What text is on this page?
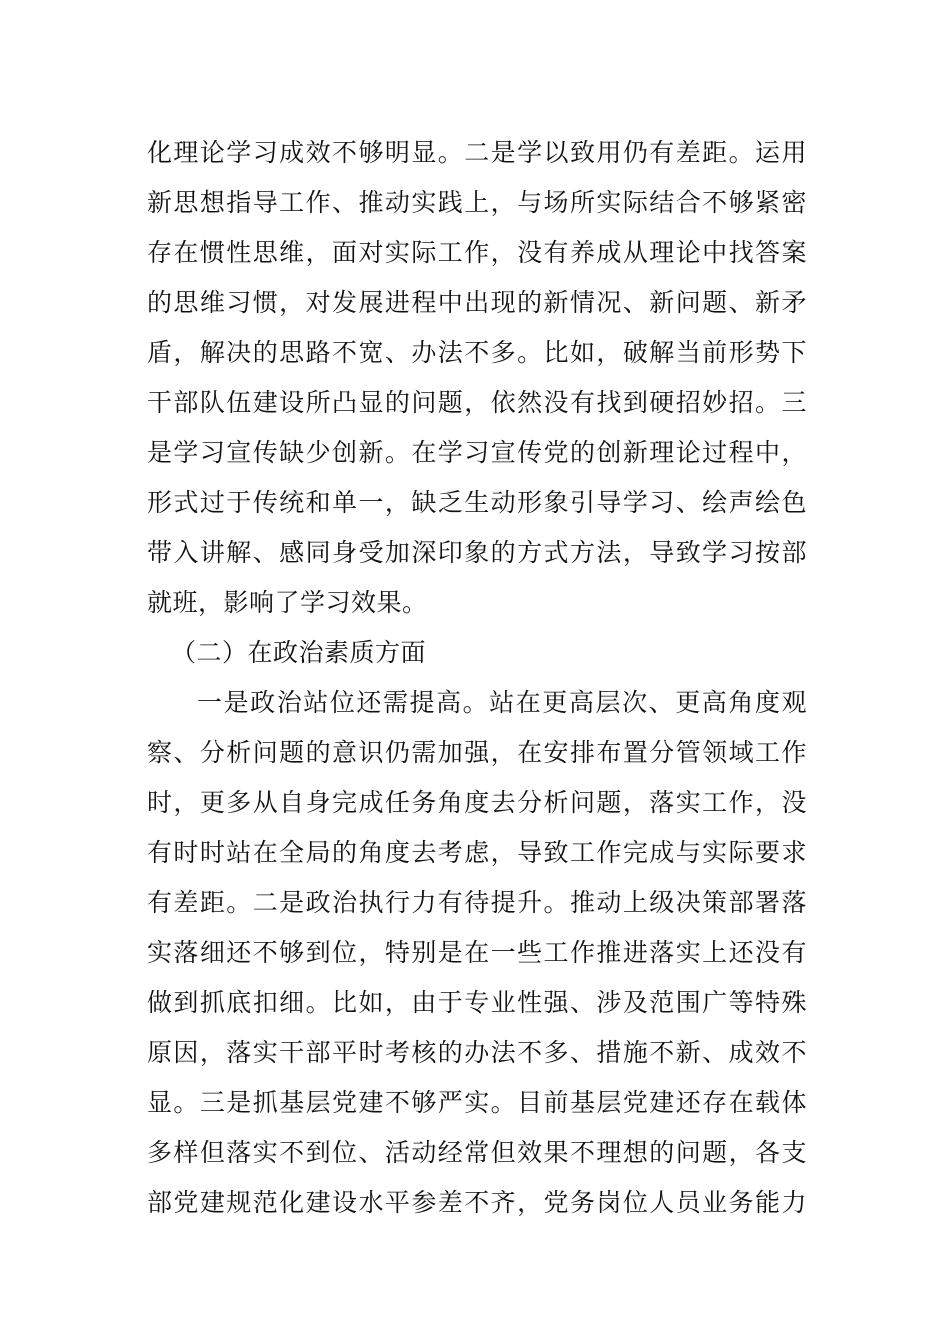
化理论学习成效不够明显。二是学以致用仍有差距。运用
新思想指导工作、推动实践上，与场所实际结合不够紧密
存在惯性思维，面对实际工作，没有养成从理论中找答案
的思维习惯，对发展进程中出现的新情况、新问题、新矛
盾，解决的思路不宽、办法不多。比如，破解当前形势下
干部队伍建设所凸显的问题，依然没有找到硬招妙招。三
是学习宣传缺少创新。在学习宣传党的创新理论过程中，
形式过于传统和单一，缺乏生动形象引导学习、绘声绘色
带入讲解、感同身受加深印象的方式方法，导致学习按部
就班，影响了学习效果。
（二）在政治素质方面
一是政治站位还需提高。站在更高层次、更高角度观
察、分析问题的意识仍需加强，在安排布置分管领域工作
时，更多从自身完成任务角度去分析问题，落实工作，没
有时时站在全局的角度去考虑，导致工作完成与实际要求
有差距。二是政治执行力有待提升。推动上级决策部署落
实落细还不够到位，特别是在一些工作推进落实上还没有
做到抓底扣细。比如，由于专业性强、涉及范围广等特殊
原因，落实干部平时考核的办法不多、措施不新、成效不
显。三是抓基层党建不够严实。目前基层党建还存在载体
多样但落实不到位、活动经常但效果不理想的问题，各支
部党建规范化建设水平参差不齐，党务岗位人员业务能力
